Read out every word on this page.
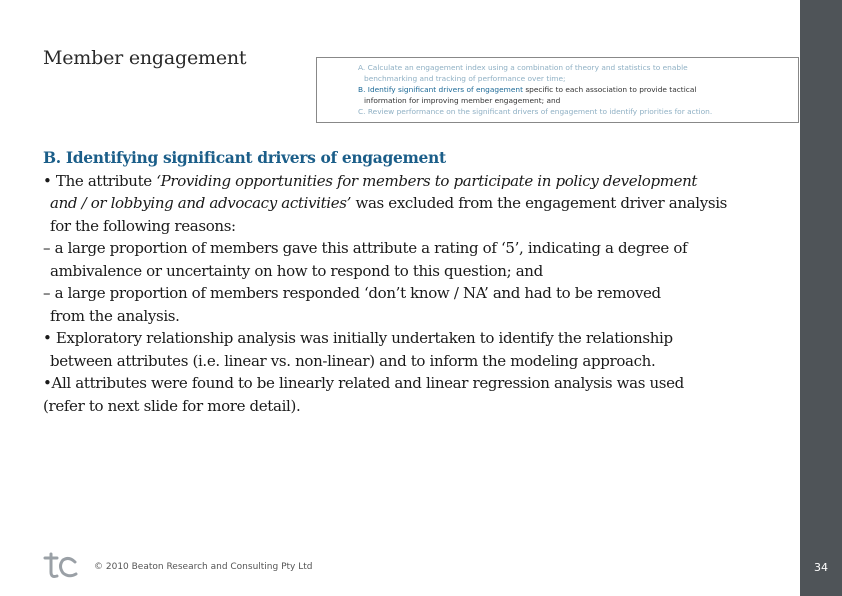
34
Member engagement	A. Calculate an engagement index using a combination of theory and statistics to enable
benchmarking and tracking of performance over time;

B. Identify significant drivers of engagement specific to each association to provide tactical
information for improving member engagement; and

C. Review performance on the significant drivers of engagement to identify priorities for action.

B. Identifying significant drivers of engagement

• The attribute ‘Providing opportunities for members to participate in policy development

and / or lobbying and advocacy activities’ was excluded from the engagement driver analysis

for the following reasons:

– a large proportion of members gave this attribute a rating of ‘5’, indicating a degree of

ambivalence or uncertainty on how to respond to this question; and

– a large proportion of members responded ‘don’t know / NA’ and had to be removed

from the analysis.

• Exploratory relationship analysis was initially undertaken to identify the relationship

between attributes (i.e. linear vs. non-linear) and to inform the modeling approach.

•All attributes were found to be linearly related and linear regression analysis was used

(refer to next slide for more detail).

© 2010 Beaton Research and Consulting Pty Ltd
